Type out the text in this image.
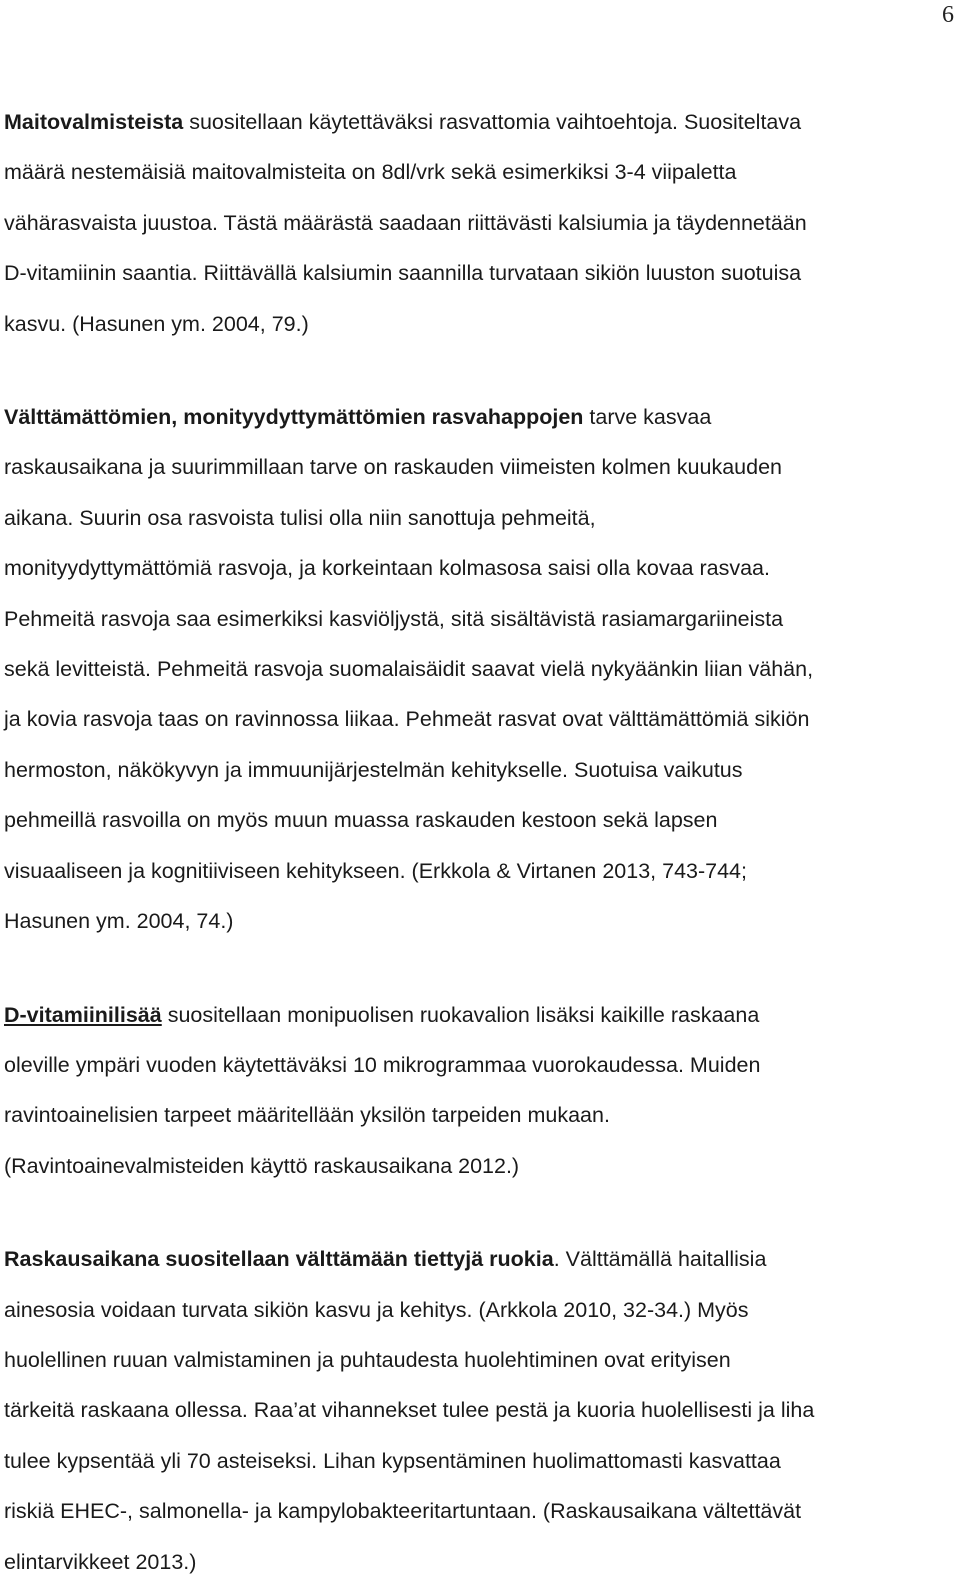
6

Maitovalmisteista suositellaan käytettäväksi rasvattomia vaihtoehtoja. Suositeltava
määrä nestemäisiä maitovalmisteita on 8dl/vrk sekä esimerkiksi 3-4 viipaletta
vähärasvaista juustoa. Tästä määrästä saadaan riittävästi kalsiumia ja täydennetään
D-vitamiinin saantia. Riittävällä kalsiumin saannilla turvataan sikiön luuston suotuisa
kasvu. (Hasunen ym. 2004, 79.)

Välttämättömien, monityydyttymättömien rasvahappojen tarve kasvaa
raskausaikana ja suurimmillaan tarve on raskauden viimeisten kolmen kuukauden
aikana. Suurin osa rasvoista tulisi olla niin sanottuja pehmeitä,
monityydyttymättömiä rasvoja, ja korkeintaan kolmasosa saisi olla kovaa rasvaa.
Pehmeitä rasvoja saa esimerkiksi kasviöljystä, sitä sisältävistä rasiamargariineista
sekä levitteistä. Pehmeitä rasvoja suomalaisäidit saavat vielä nykyäänkin liian vähän,
ja kovia rasvoja taas on ravinnossa liikaa. Pehmeät rasvat ovat välttämättömiä sikiön
hermoston, näkökyvyn ja immuunijärjestelmän kehitykselle. Suotuisa vaikutus
pehmeillä rasvoilla on myös muun muassa raskauden kestoon sekä lapsen
visuaaliseen ja kognitiiviseen kehitykseen. (Erkkola & Virtanen 2013, 743-744;
Hasunen ym. 2004, 74.)

D-vitamiinilisää suositellaan monipuolisen ruokavalion lisäksi kaikille raskaana
oleville ympäri vuoden käytettäväksi 10 mikrogrammaa vuorokaudessa. Muiden
ravintoainelisien tarpeet määritellään yksilön tarpeiden mukaan.
(Ravintoainevalmisteiden käyttö raskausaikana 2012.)

Raskausaikana suositellaan välttämään tiettyjä ruokia. Välttämällä haitallisia
ainesosia voidaan turvata sikiön kasvu ja kehitys. (Arkkola 2010, 32-34.) Myös
huolellinen ruuan valmistaminen ja puhtaudesta huolehtiminen ovat erityisen
tärkeitä raskaana ollessa. Raa’at vihannekset tulee pestä ja kuoria huolellisesti ja liha
tulee kypsentää yli 70 asteiseksi. Lihan kypsentäminen huolimattomasti kasvattaa
riskiä EHEC-, salmonella- ja kampylobakteeritartuntaan. (Raskausaikana vältettävät
elintarvikkeet 2013.)
